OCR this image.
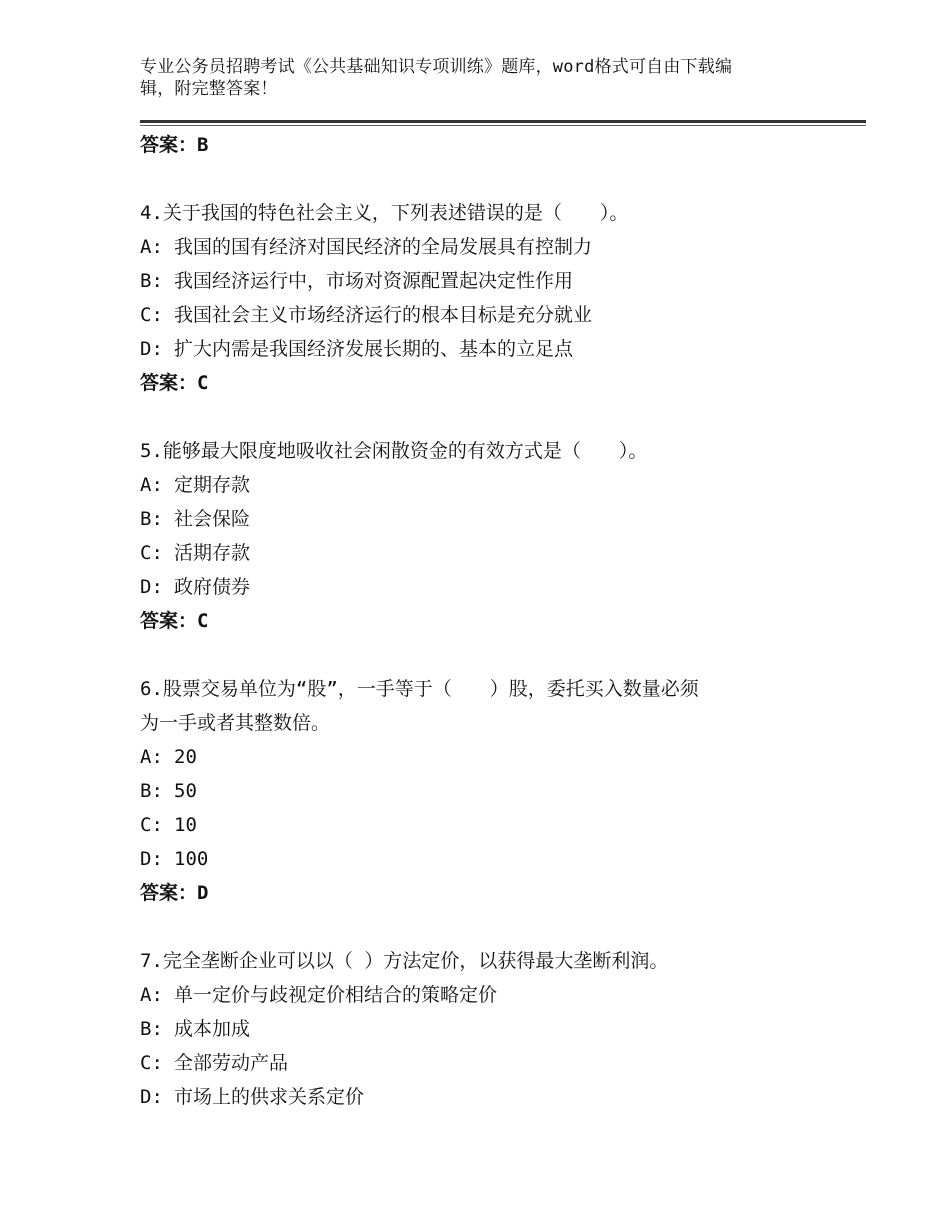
专业公务员招聘考试《公共基础知识专项训练》题库，word格式可自由下载编
辑，附完整答案！
答案：B
4.关于我国的特色社会主义，下列表述错误的是（　　）。
A: 我国的国有经济对国民经济的全局发展具有控制力
B: 我国经济运行中，市场对资源配置起决定性作用
C: 我国社会主义市场经济运行的根本目标是充分就业
D: 扩大内需是我国经济发展长期的、基本的立足点
答案：C
5.能够最大限度地吸收社会闲散资金的有效方式是（　　）。
A: 定期存款
B: 社会保险
C: 活期存款
D: 政府债券
答案：C
6.股票交易单位为“股”，一手等于（　　）股，委托买入数量必须
为一手或者其整数倍。
A: 20
B: 50
C: 10
D: 100
答案：D
7.完全垄断企业可以以（ ）方法定价，以获得最大垄断利润。
A: 单一定价与歧视定价相结合的策略定价
B: 成本加成
C: 全部劳动产品
D: 市场上的供求关系定价
